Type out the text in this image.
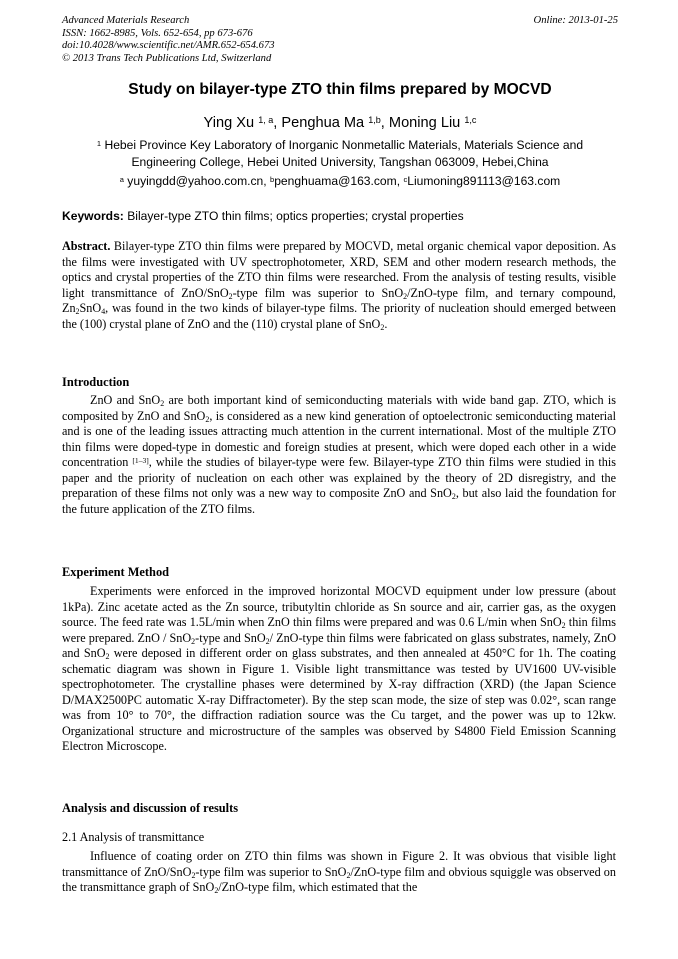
Advanced Materials Research
ISSN: 1662-8985, Vols. 652-654, pp 673-676
doi:10.4028/www.scientific.net/AMR.652-654.673
© 2013 Trans Tech Publications Ltd, Switzerland
Online: 2013-01-25
Study on bilayer-type ZTO thin films prepared by MOCVD
Ying Xu $^{1, a}$, Penghua Ma $^{1,b}$, Moning Liu $^{1,c}$
$^1$ Hebei Province Key Laboratory of Inorganic Nonmetallic Materials, Materials Science and
Engineering College, Hebei United University, Tangshan 063009, Hebei,China
$^a$ yuyingdd@yahoo.com.cn, $^b$penghuama@163.com, $^c$Liumoning891113@163.com
Keywords: Bilayer-type ZTO thin films; optics properties; crystal properties
Abstract. Bilayer-type ZTO thin films were prepared by MOCVD, metal organic chemical vapor deposition. As the films were investigated with UV spectrophotometer, XRD, SEM and other modern research methods, the optics and crystal properties of the ZTO thin films were researched. From the analysis of testing results, visible light transmittance of ZnO/SnO$_2$-type film was superior to SnO$_2$/ZnO-type film, and ternary compound, $Zn_2SnO_4$, was found in the two kinds of bilayer-type films. The priority of nucleation should emerged between the (100) crystal plane of ZnO and the (110) crystal plane of SnO$_2$.
Introduction

ZnO and SnO$_2$ are both important kind of semiconducting materials with wide band gap. ZTO, which is composited by ZnO and SnO$_2$, is considered as a new kind generation of optoelectronic semiconducting material and is one of the leading issues attracting much attention in the current international. Most of the multiple ZTO thin films were doped-type in domestic and foreign studies at present, which were doped each other in a wide concentration [1–3], while the studies of bilayer-type were few. Bilayer-type ZTO thin films were studied in this paper and the priority of nucleation on each other was explained by the theory of 2D disregistry, and the preparation of these films not only was a new way to composite ZnO and SnO$_2$, but also laid the foundation for the future application of the ZTO films.

Experiment Method

Experiments were enforced in the improved horizontal MOCVD equipment under low pressure (about 1kPa). Zinc acetate acted as the Zn source, tributyltin chloride as Sn source and air, carrier gas, as the oxygen source. The feed rate was 1.5L/min when ZnO thin films were prepared and was 0.6 L/min when SnO$_2$ thin films were prepared. ZnO / SnO$_2$-type and SnO$_2$/ ZnO-type thin films were fabricated on glass substrates, namely, ZnO and SnO$_2$ were deposed in different order on glass substrates, and then annealed at 450°C for 1h. The coating schematic diagram was shown in Figure 1. Visible light transmittance was tested by UV1600 UV-visible spectrophotometer. The crystalline phases were determined by X-ray diffraction (XRD) (the Japan Science D/MAX2500PC automatic X-ray Diffractometer). By the step scan mode, the size of step was 0.02°, scan range was from 10° to 70°, the diffraction radiation source was the Cu target, and the power was up to 12kw. Organizational structure and microstructure of the samples was observed by S4800 Field Emission Scanning Electron Microscope.

Analysis and discussion of results
2.1 Analysis of transmittance

Influence of coating order on ZTO thin films was shown in Figure 2. It was obvious that visible light transmittance of ZnO/SnO$_2$-type film was superior to SnO$_2$/ZnO-type film and obvious squiggle was observed on the transmittance graph of SnO$_2$/ZnO-type film, which estimated that the
